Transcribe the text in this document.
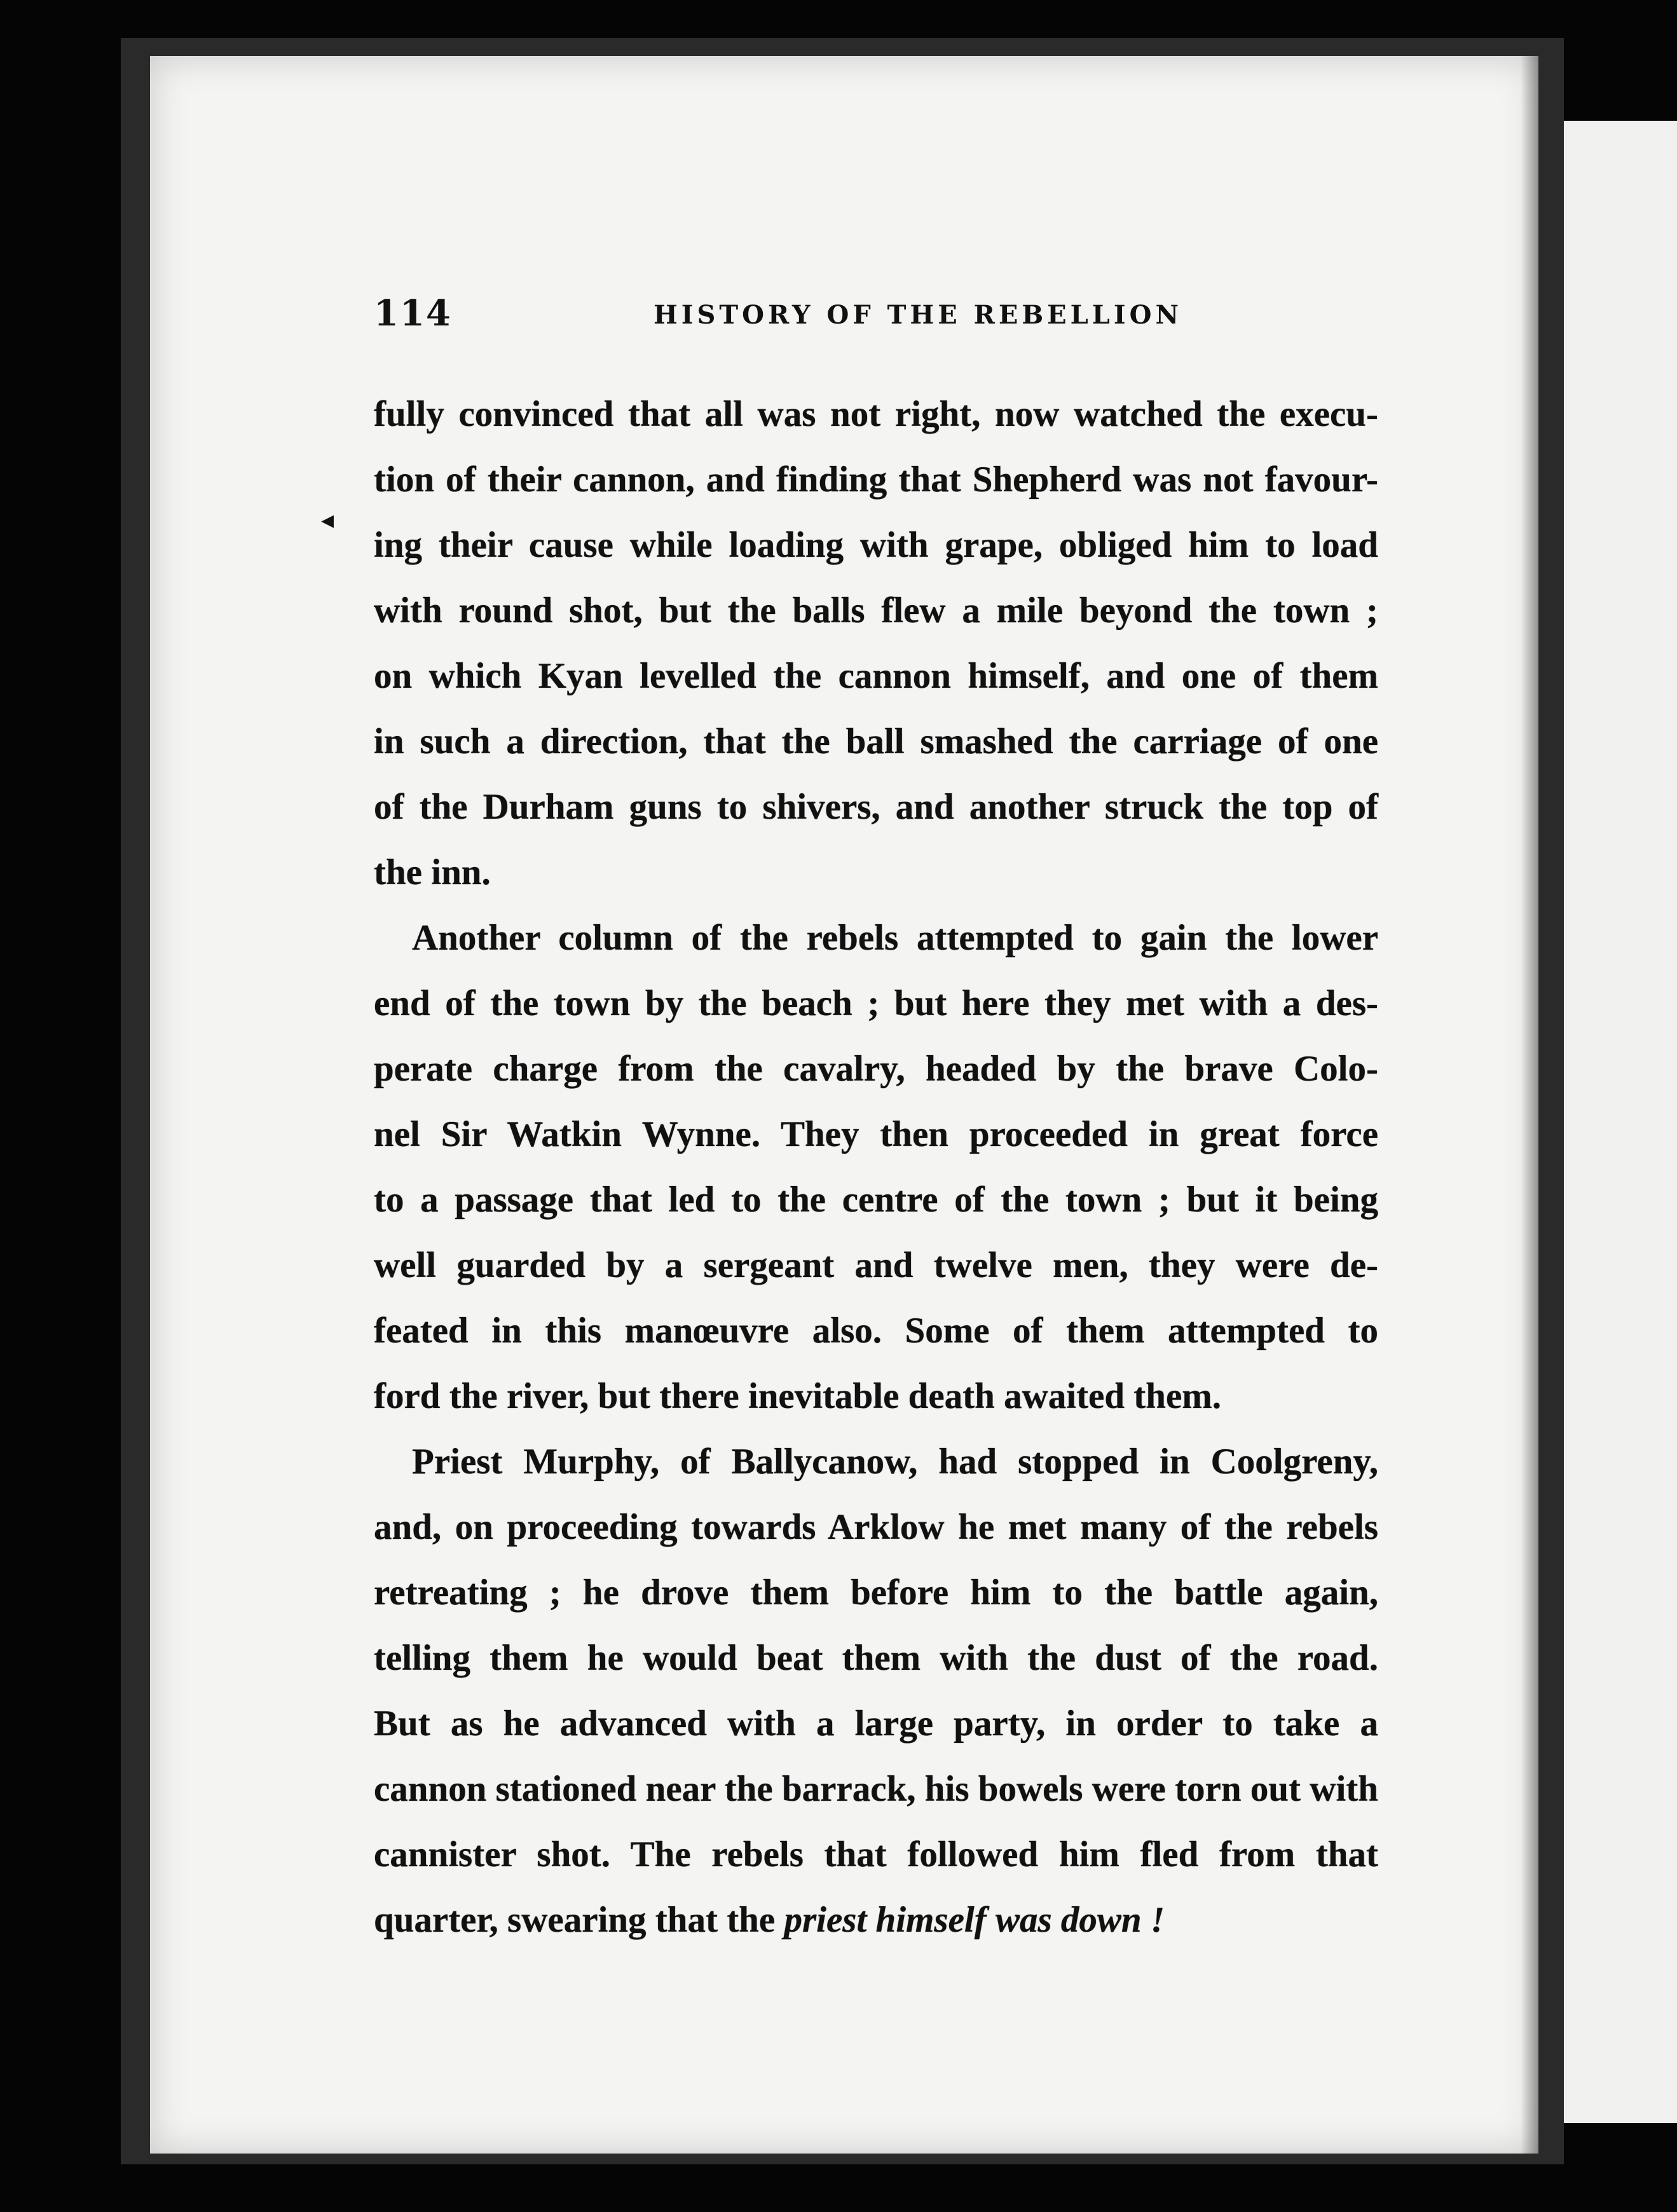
114	HISTORY OF THE REBELLION
◂
fully convinced that all was not right, now watched the execu-
tion of their cannon, and finding that Shepherd was not favour-
ing their cause while loading with grape, obliged him to load
with round shot, but the balls flew a mile beyond the town ;
on which Kyan levelled the cannon himself, and one of them
in such a direction, that the ball smashed the carriage of one
of the Durham guns to shivers, and another struck the top of
the inn.
Another column of the rebels attempted to gain the lower
end of the town by the beach ; but here they met with a des-
perate charge from the cavalry, headed by the brave Colo-
nel Sir Watkin Wynne. They then proceeded in great force
to a passage that led to the centre of the town ; but it being
well guarded by a sergeant and twelve men, they were de-
feated in this manœuvre also. Some of them attempted to
ford the river, but there inevitable death awaited them.
Priest Murphy, of Ballycanow, had stopped in Coolgreny,
and, on proceeding towards Arklow he met many of the rebels
retreating ; he drove them before him to the battle again,
telling them he would beat them with the dust of the road.
But as he advanced with a large party, in order to take a
cannon stationed near the barrack, his bowels were torn out with
cannister shot. The rebels that followed him fled from that
quarter, swearing that the priest himself was down !
